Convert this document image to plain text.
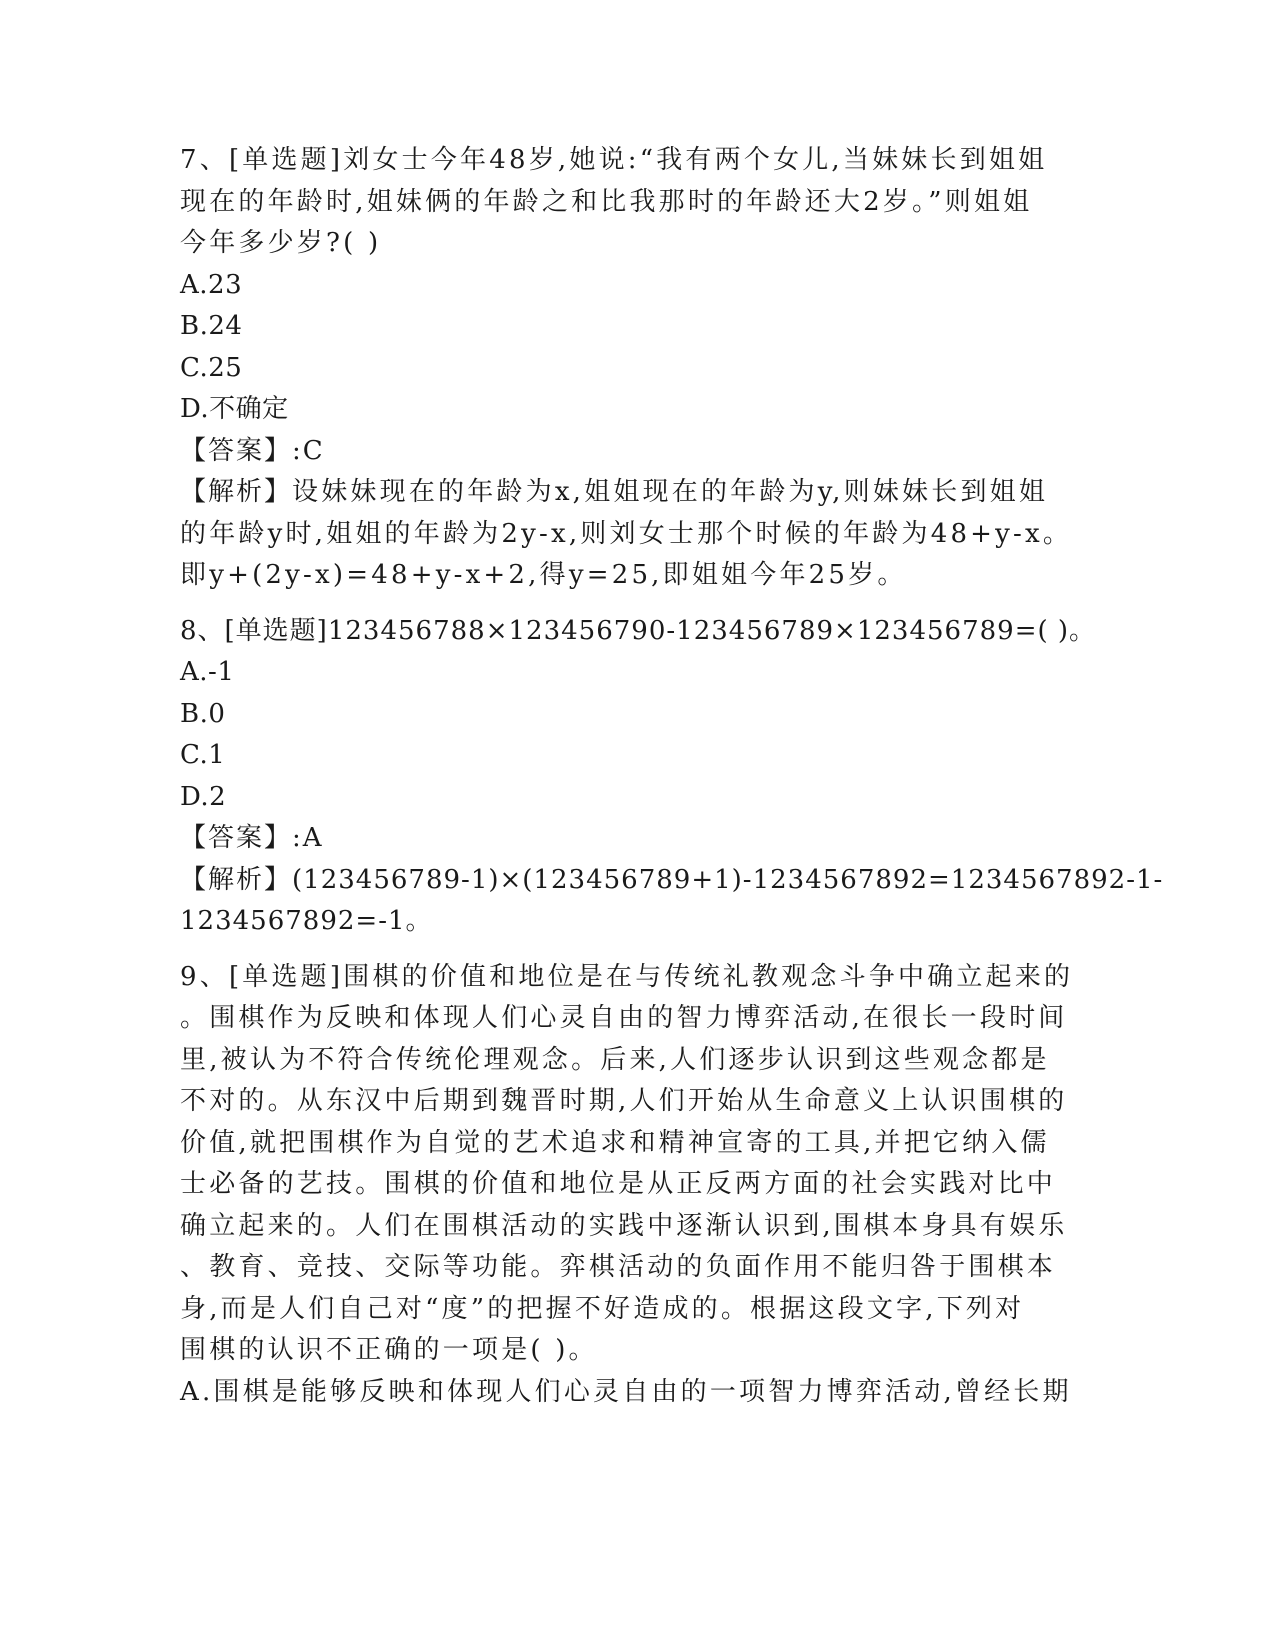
7、[单选题]刘女士今年48岁,她说:“我有两个女儿,当妹妹长到姐姐
现在的年龄时,姐妹俩的年龄之和比我那时的年龄还大2岁。”则姐姐
今年多少岁?( )
A.23
B.24
C.25
D.不确定
【答案】:C
【解析】设妹妹现在的年龄为x,姐姐现在的年龄为y,则妹妹长到姐姐
的年龄y时,姐姐的年龄为2y-x,则刘女士那个时候的年龄为48+y-x。
即y+(2y-x)=48+y-x+2,得y=25,即姐姐今年25岁。
8、[单选题]123456788×123456790-123456789×123456789=( )。
A.-1
B.0
C.1
D.2
【答案】:A
【解析】(123456789-1)×(123456789+1)-1234567892=1234567892-1-
1234567892=-1。
9、[单选题]围棋的价值和地位是在与传统礼教观念斗争中确立起来的
。围棋作为反映和体现人们心灵自由的智力博弈活动,在很长一段时间
里,被认为不符合传统伦理观念。后来,人们逐步认识到这些观念都是
不对的。从东汉中后期到魏晋时期,人们开始从生命意义上认识围棋的
价值,就把围棋作为自觉的艺术追求和精神宣寄的工具,并把它纳入儒
士必备的艺技。围棋的价值和地位是从正反两方面的社会实践对比中
确立起来的。人们在围棋活动的实践中逐渐认识到,围棋本身具有娱乐
、教育、竞技、交际等功能。弈棋活动的负面作用不能归咎于围棋本
身,而是人们自己对“度”的把握不好造成的。根据这段文字,下列对
围棋的认识不正确的一项是( )。
A.围棋是能够反映和体现人们心灵自由的一项智力博弈活动,曾经长期
